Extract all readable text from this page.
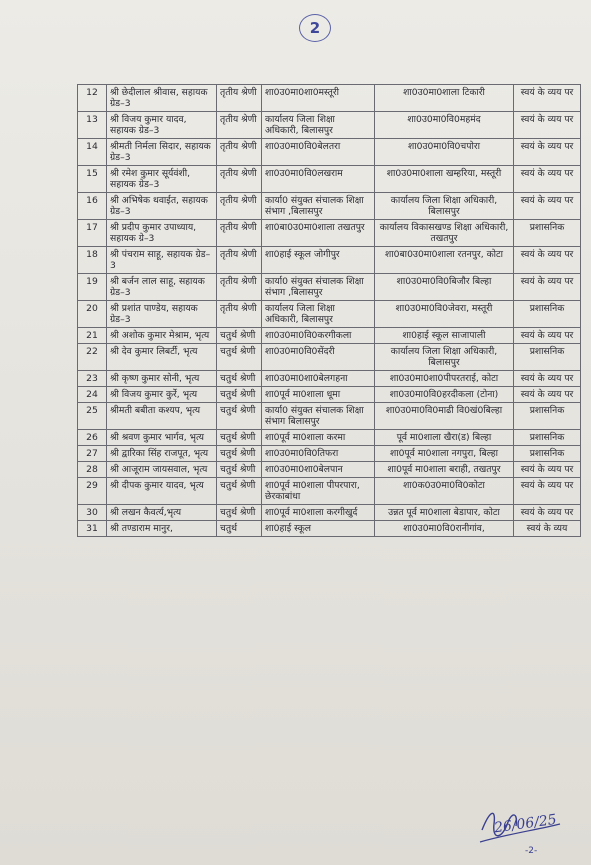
2
12	श्री छेदीलाल श्रीवास, सहायक ग्रेड–3	तृतीय श्रेणी	शा0उ0मा0शा0मस्तूरी	शा0उ0मा0शाला टिकारी	स्वयं के व्यय पर
13	श्री विजय कुमार यादव, सहायक ग्रेड–3	तृतीय श्रेणी	कार्यालय जिला शिक्षा अधिकारी, बिलासपुर	शा0उ0मा0वि0महमंद	स्वयं के व्यय पर
14	श्रीमती निर्मला सिदार, सहायक ग्रेड–3	तृतीय श्रेणी	शा0उ0मा0वि0बेलतरा	शा0उ0मा0वि0चपोरा	स्वयं के व्यय पर
15	श्री रमेश कुमार सूर्यवंशी, सहायक ग्रेड–3	तृतीय श्रेणी	शा0उ0मा0वि0लखराम	शा0उ0मा0शाला खम्हरिया, मस्तूरी	स्वयं के व्यय पर
16	श्री अभिषेक थवाईत, सहायक ग्रेड–3	तृतीय श्रेणी	कार्या0 संयुक्त संचालक शिक्षा संभाग ,बिलासपुर	कार्यालय जिला शिक्षा अधिकारी, बिलासपुर	स्वयं के व्यय पर
17	श्री प्रदीप कुमार उपाध्याय, सहायक ग्रे–3	तृतीय श्रेणी	शा0बा0उ0मा0शाला तखतपुर	कार्यालय विकासखण्ड शिक्षा अधिकारी, तखतपुर	प्रशासनिक
18	श्री पंचराम साहू, सहायक ग्रेड–3	तृतीय श्रेणी	शा0हाई स्कूल जोगीपुर	शा0बा0उ0मा0शाला रतनपुर, कोटा	स्वयं के व्यय पर
19	श्री बर्जन लाल साहू, सहायक ग्रेड–3	तृतीय श्रेणी	कार्या0 संयुक्त संचालक शिक्षा संभाग ,बिलासपुर	शा0उ0मा0वि0बिजौर बिल्हा	स्वयं के व्यय पर
20	श्री प्रशांत पाण्डेय, सहायक ग्रेड–3	तृतीय श्रेणी	कार्यालय जिला शिक्षा अधिकारी, बिलासपुर	शा0उ0मा0वि0जेवरा, मस्तूरी	प्रशासनिक
21	श्री अशोक कुमार मेश्राम, भृत्य	चतुर्थ श्रेणी	शा0उ0मा0वि0करगीकला	शा0हाई स्कूल साजापाली	स्वयं के व्यय पर
22	श्री देव कुमार लिबर्टी, भृत्य	चतुर्थ श्रेणी	शा0उ0मा0वि0सेंदरी	कार्यालय जिला शिक्षा अधिकारी, बिलासपुर	प्रशासनिक
23	श्री कृष्ण कुमार सोनी, भृत्य	चतुर्थ श्रेणी	शा0उ0मा0शा0बेलगहना	शा0उ0मा0शा0पीपरतराई, कोटा	स्वयं के व्यय पर
24	श्री विजय कुमार कुर्रे, भृत्य	चतुर्थ श्रेणी	शा0पूर्व मा0शाला धूमा	शा0उ0मा0वि0हरदीकला (टोना)	स्वयं के व्यय पर
25	श्रीमती बबीता कश्यप, भृत्य	चतुर्थ श्रेणी	कार्या0 संयुक्त संचालक शिक्षा संभाग बिलासपुर	शा0उ0मा0वि0माढी वि0खं0बिल्हा	प्रशासनिक
26	श्री श्रवण कुमार भार्गव, भृत्य	चतुर्थ श्रेणी	शा0पूर्व मा0शाला करमा	पूर्व मा0शाला खैरा(ड) बिल्हा	प्रशासनिक
27	श्री द्वारिका सिंह राजपूत, भृत्य	चतुर्थ श्रेणी	शा0उ0मा0वि0तिफरा	शा0पूर्व मा0शाला नगपुरा, बिल्हा	प्रशासनिक
28	श्री आजूराम जायसवाल, भृत्य	चतुर्थ श्रेणी	शा0उ0मा0शा0बेलपान	शा0पूर्व मा0शाला बराही, तखतपुर	स्वयं के व्यय पर
29	श्री दीपक कुमार यादव, भृत्य	चतुर्थ श्रेणी	शा0पूर्व मा0शाला पीपरपारा, छेरकाबांधा	शा0क0उ0मा0वि0कोटा	स्वयं के व्यय पर
30	श्री लखन कैवर्त्य,भृत्य	चतुर्थ श्रेणी	शा0पूर्व मा0शाला करगीखुर्द	उन्नत पूर्व मा0शाला बेडापार, कोटा	स्वयं के व्यय पर
31	श्री तण्डाराम मानुर,	चतुर्थ	शा0हाई स्कूल	शा0उ0मा0वि0रानीगांव,	स्वयं के व्यय
26/06/25
-2-
